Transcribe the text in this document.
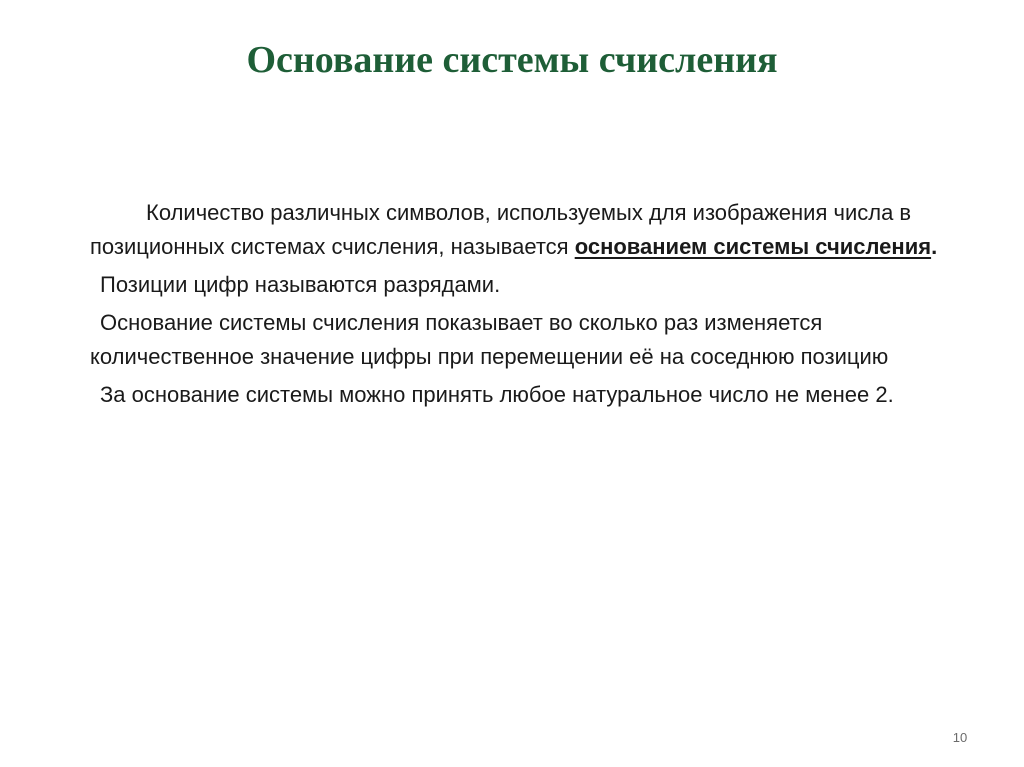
Основание системы счисления

Количество различных символов, используемых для изображения числа в позиционных системах счисления, называется основанием системы счисления.

Позиции цифр называются разрядами.

Основание системы счисления показывает во сколько раз изменяется количественное значение цифры при перемещении её на соседнюю позицию

За основание системы можно принять любое натуральное число не менее 2.

10
